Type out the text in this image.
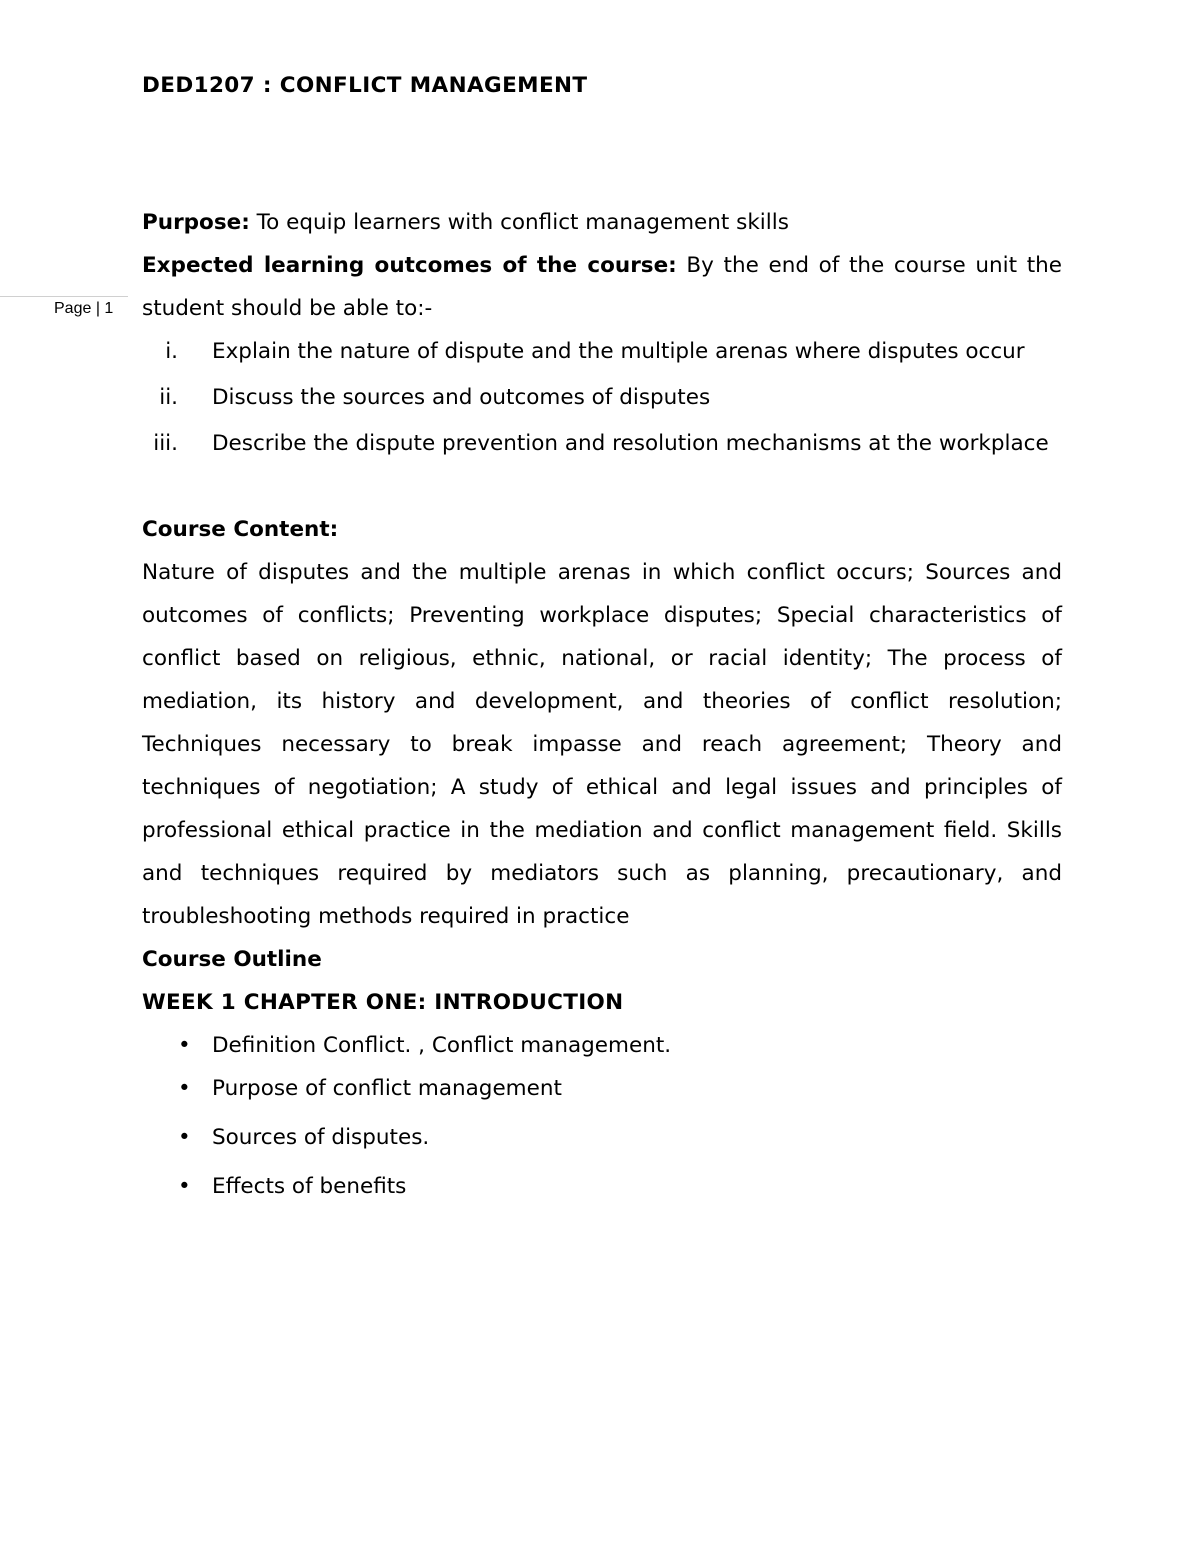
Page | 1
DED1207 : CONFLICT MANAGEMENT

Purpose: To equip learners with conflict management skills

Expected learning outcomes of the course: By the end of the course unit the student should be able to:-

i. Explain the nature of dispute and the multiple arenas where disputes occur
ii. Discuss the sources and outcomes of disputes
iii. Describe the dispute prevention and resolution mechanisms at the workplace

Course Content:

Nature of disputes and the multiple arenas in which conflict occurs; Sources and outcomes of conflicts; Preventing workplace disputes; Special characteristics of conflict based on religious, ethnic, national, or racial identity; The process of mediation, its history and development, and theories of conflict resolution; Techniques necessary to break impasse and reach agreement; Theory and techniques of negotiation; A study of ethical and legal issues and principles of professional ethical practice in the mediation and conflict management field. Skills and techniques required by mediators such as planning, precautionary, and troubleshooting methods required in practice

Course Outline

WEEK 1 CHAPTER ONE: INTRODUCTION

• Definition Conflict. , Conflict management.
• Purpose of conflict management
• Sources of disputes.
• Effects of benefits
